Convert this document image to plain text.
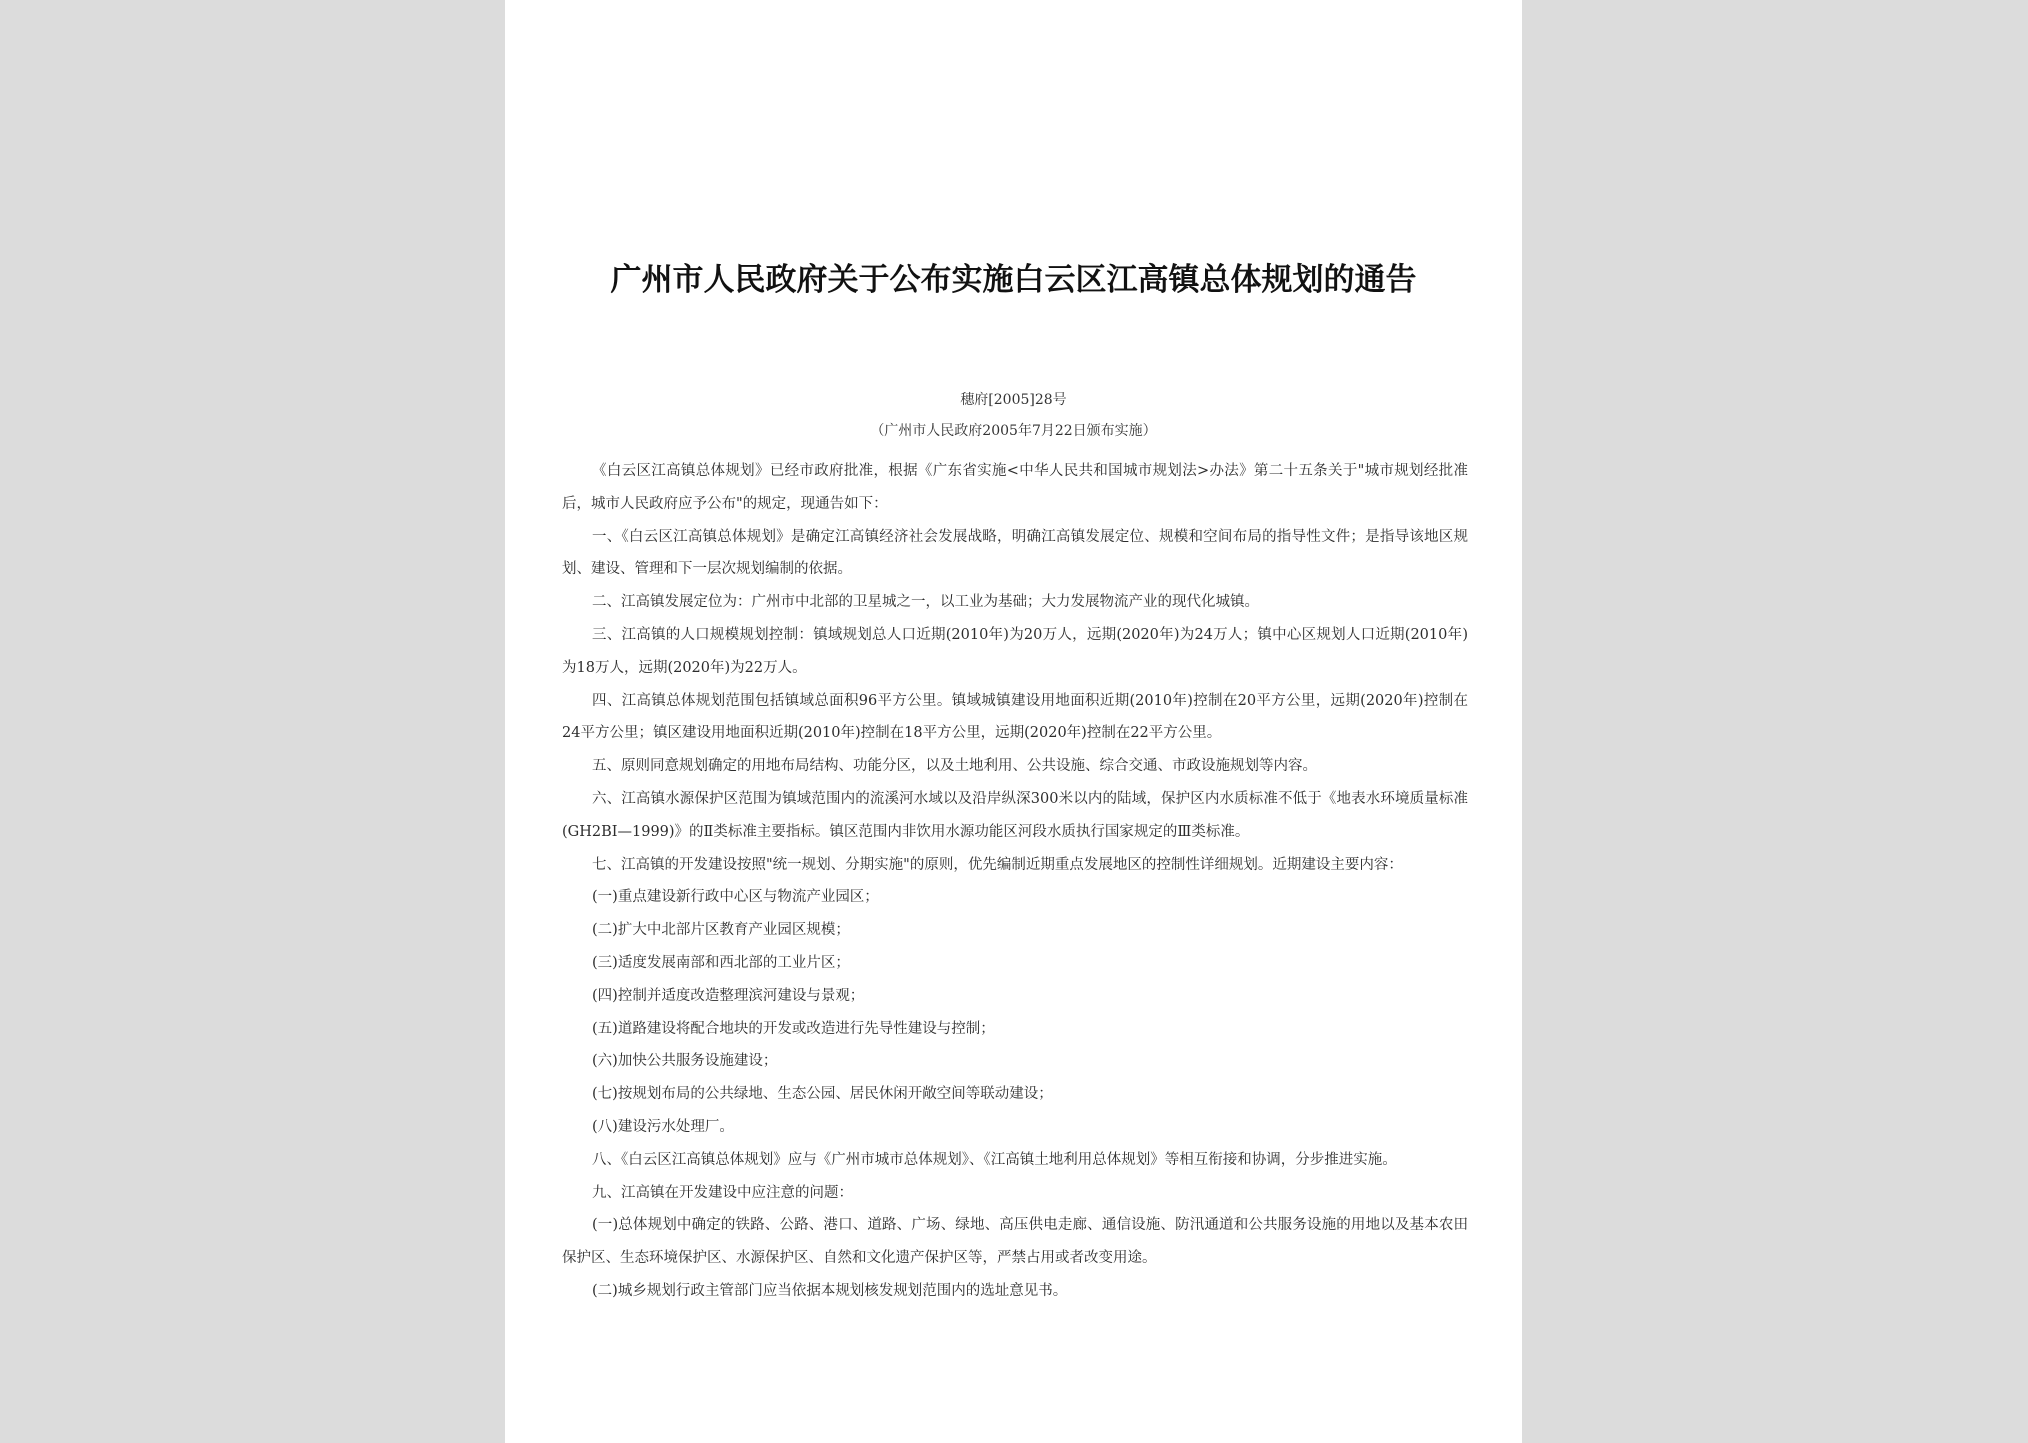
广州市人民政府关于公布实施白云区江高镇总体规划的通告
穗府[2005]28号
（广州市人民政府2005年7月22日颁布实施）

《白云区江高镇总体规划》已经市政府批准，根据《广东省实施<中华人民共和国城市规划法>办法》第二十五条关于"城市规划经批准后，城市人民政府应予公布"的规定，现通告如下：

一、《白云区江高镇总体规划》是确定江高镇经济社会发展战略，明确江高镇发展定位、规模和空间布局的指导性文件；是指导该地区规划、建设、管理和下一层次规划编制的依据。

二、江高镇发展定位为：广州市中北部的卫星城之一，以工业为基础；大力发展物流产业的现代化城镇。

三、江高镇的人口规模规划控制：镇域规划总人口近期(2010年)为20万人，远期(2020年)为24万人；镇中心区规划人口近期(2010年)为18万人，远期(2020年)为22万人。

四、江高镇总体规划范围包括镇域总面积96平方公里。镇域城镇建设用地面积近期(2010年)控制在20平方公里，远期(2020年)控制在24平方公里；镇区建设用地面积近期(2010年)控制在18平方公里，远期(2020年)控制在22平方公里。

五、原则同意规划确定的用地布局结构、功能分区，以及土地利用、公共设施、综合交通、市政设施规划等内容。

六、江高镇水源保护区范围为镇域范围内的流溪河水域以及沿岸纵深300米以内的陆域，保护区内水质标准不低于《地表水环境质量标准(GH2BI—1999)》的Ⅱ类标准主要指标。镇区范围内非饮用水源功能区河段水质执行国家规定的Ⅲ类标准。

七、江高镇的开发建设按照"统一规划、分期实施"的原则，优先编制近期重点发展地区的控制性详细规划。近期建设主要内容：

(一)重点建设新行政中心区与物流产业园区；

(二)扩大中北部片区教育产业园区规模；

(三)适度发展南部和西北部的工业片区；

(四)控制并适度改造整理滨河建设与景观；

(五)道路建设将配合地块的开发或改造进行先导性建设与控制；

(六)加快公共服务设施建设；

(七)按规划布局的公共绿地、生态公园、居民休闲开敞空间等联动建设；

(八)建设污水处理厂。

八、《白云区江高镇总体规划》应与《广州市城市总体规划》、《江高镇土地利用总体规划》等相互衔接和协调，分步推进实施。

九、江高镇在开发建设中应注意的问题：

(一)总体规划中确定的铁路、公路、港口、道路、广场、绿地、高压供电走廊、通信设施、防汛通道和公共服务设施的用地以及基本农田保护区、生态环境保护区、水源保护区、自然和文化遗产保护区等，严禁占用或者改变用途。

(二)城乡规划行政主管部门应当依据本规划核发规划范围内的选址意见书。
